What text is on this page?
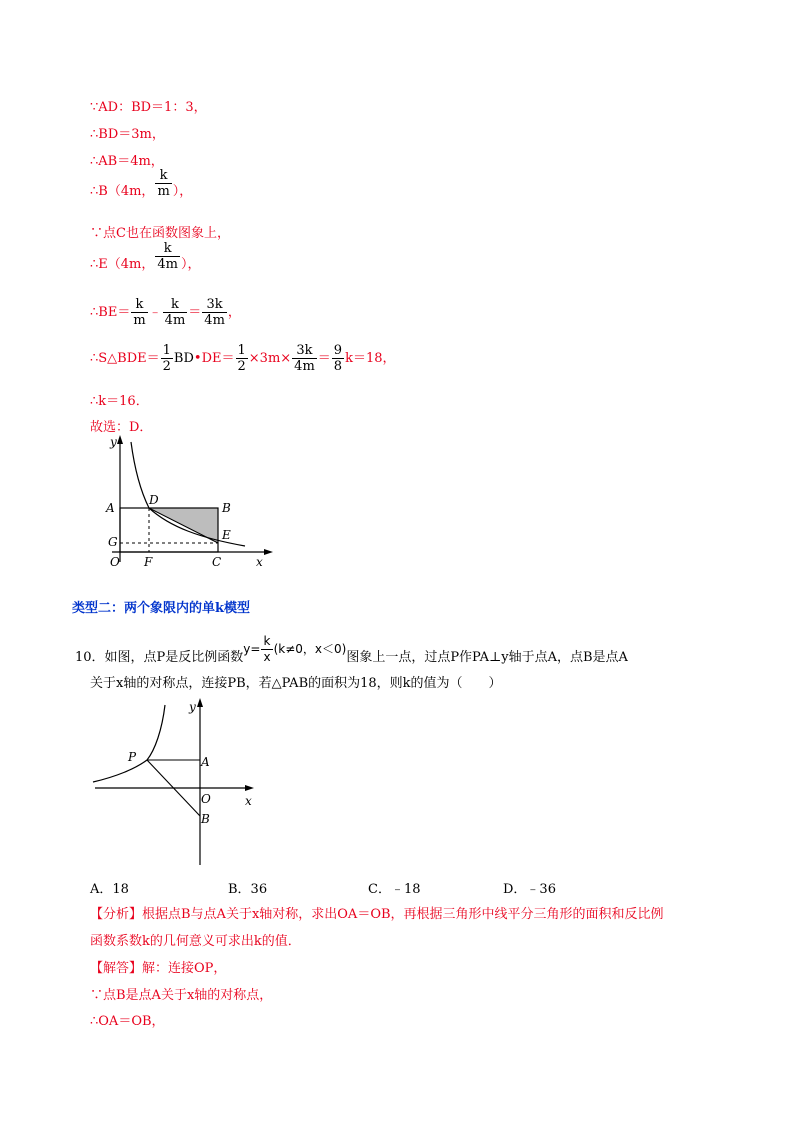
∵AD：BD＝1：3，
∴BD＝3m，
∴AB＝4m，
∴B（4m， $\frac{k}{m}$ ），
∵点C也在函数图象上，
∴E（4m， $\frac{k}{4m}$ ），
∴BE＝ $\frac{k}{m}$ ﹣ $\frac{k}{4m} = \frac{3k}{4m}$ ，
∴S△BDE＝ $\frac{1}{2}$ BD•DE＝ $\frac{1}{2} \times 3m\times \frac{3k}{4m} = \frac{9}{8} k=18$，
∴k＝16．
故选：D．
y
A
D
B
E
G
O F	C	x
类型二：两个象限内的单k模型
10．如图，点P是反比例函数$y= \frac{k}{x} (k\ne 0$，x＜0)图象上一点，过点P作PA⊥y轴于点A，点B是点A
关于x轴的对称点，连接PB，若△PAB的面积为18，则k的值为（　　）
y
P	A
O	x
B
A．18	B．36	C．﹣18	D．﹣36
【分析】根据点B与点A关于x轴对称，求出OA＝OB，再根据三角形中线平分三角形的面积和反比例
函数系数k的几何意义可求出k的值．
【解答】解：连接OP，
∵点B是点A关于x轴的对称点，
∴OA＝OB，
